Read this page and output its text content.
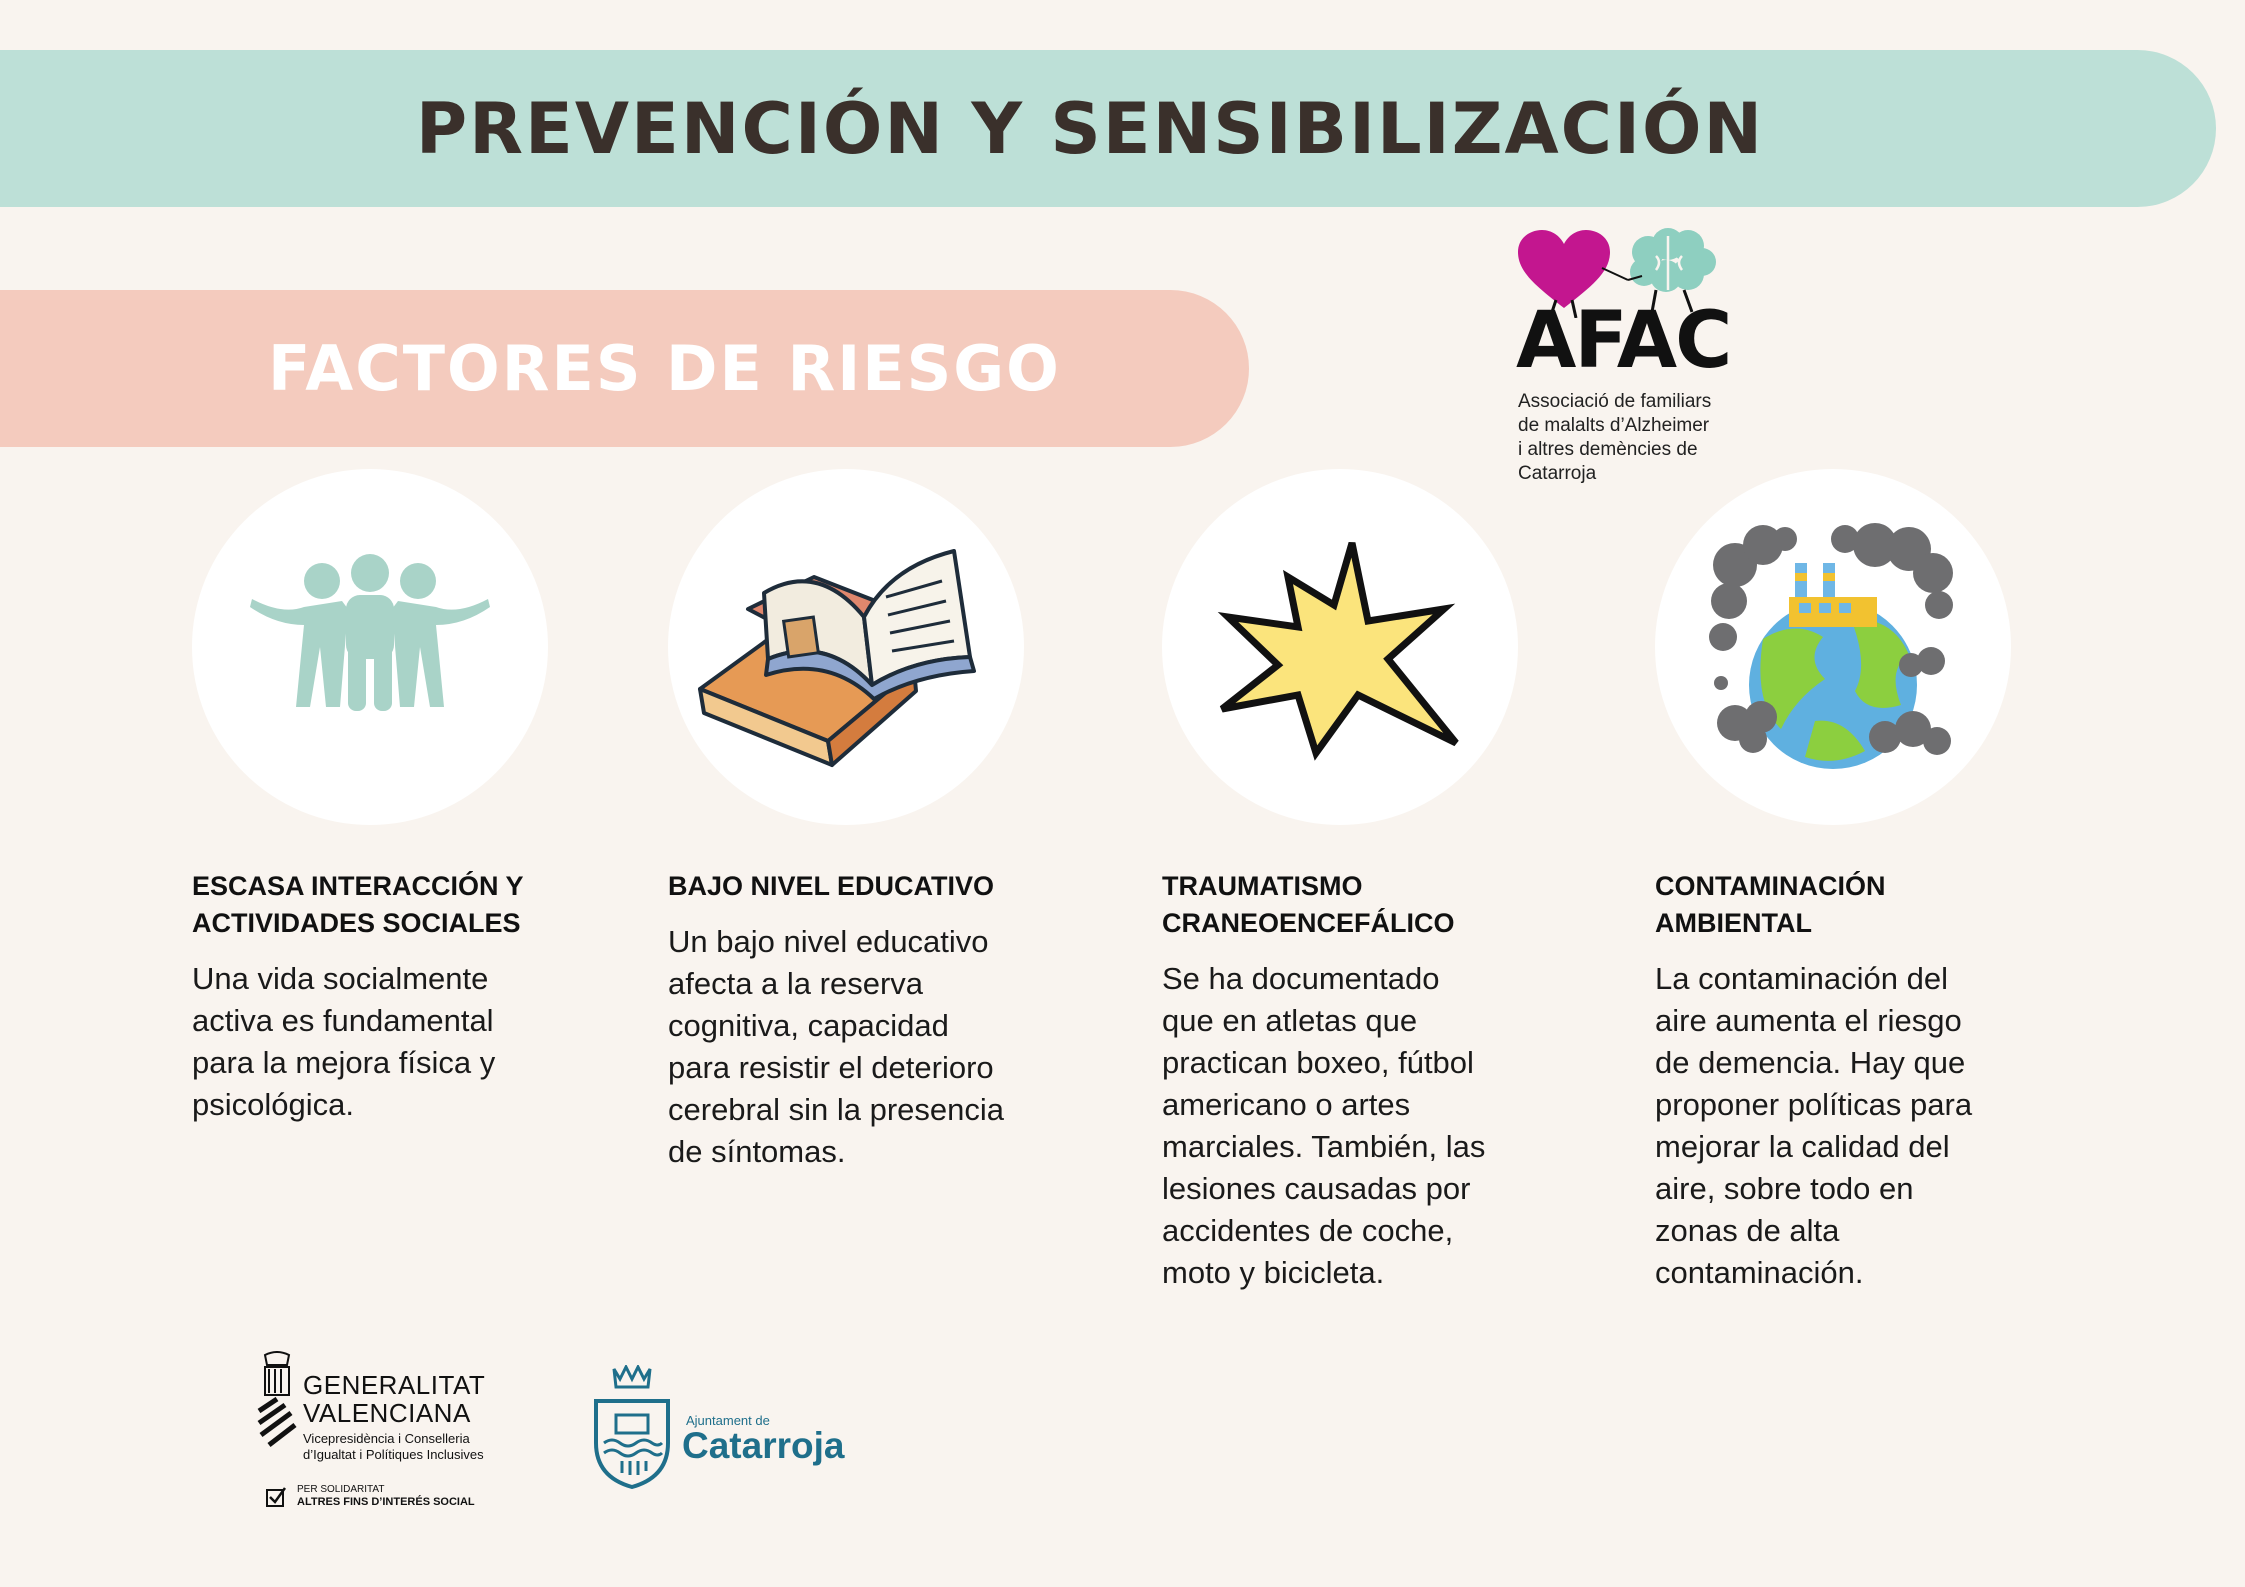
PREVENCIÓN Y SENSIBILIZACIÓN
FACTORES DE RIESGO	AFAC
Associació de familiars
de malalts d’Alzheimer
i altres demències de
Catarroja
ESCASA INTERACCIÓN Y
ACTIVIDADES SOCIALES
Una vida socialmente
activa es fundamental
para la mejora física y
psicológica.
BAJO NIVEL EDUCATIVO
Un bajo nivel educativo
afecta a la reserva
cognitiva, capacidad
para resistir el deterioro
cerebral sin la presencia
de síntomas.
TRAUMATISMO
CRANEOENCEFÁLICO
Se ha documentado
que en atletas que
practican boxeo, fútbol
americano o artes
marciales. También, las
lesiones causadas por
accidentes de coche,
moto y bicicleta.
CONTAMINACIÓN
AMBIENTAL
La contaminación del
aire aumenta el riesgo
de demencia. Hay que
proponer políticas para
mejorar la calidad del
aire, sobre todo en
zonas de alta
contaminación.
GENERALITAT
VALENCIANA
Vicepresidència i Conselleria
d’Igualtat i Polítiques Inclusives
PER SOLIDARITAT
ALTRES FINS D’INTERÉS SOCIAL
Ajuntament de
Catarroja
